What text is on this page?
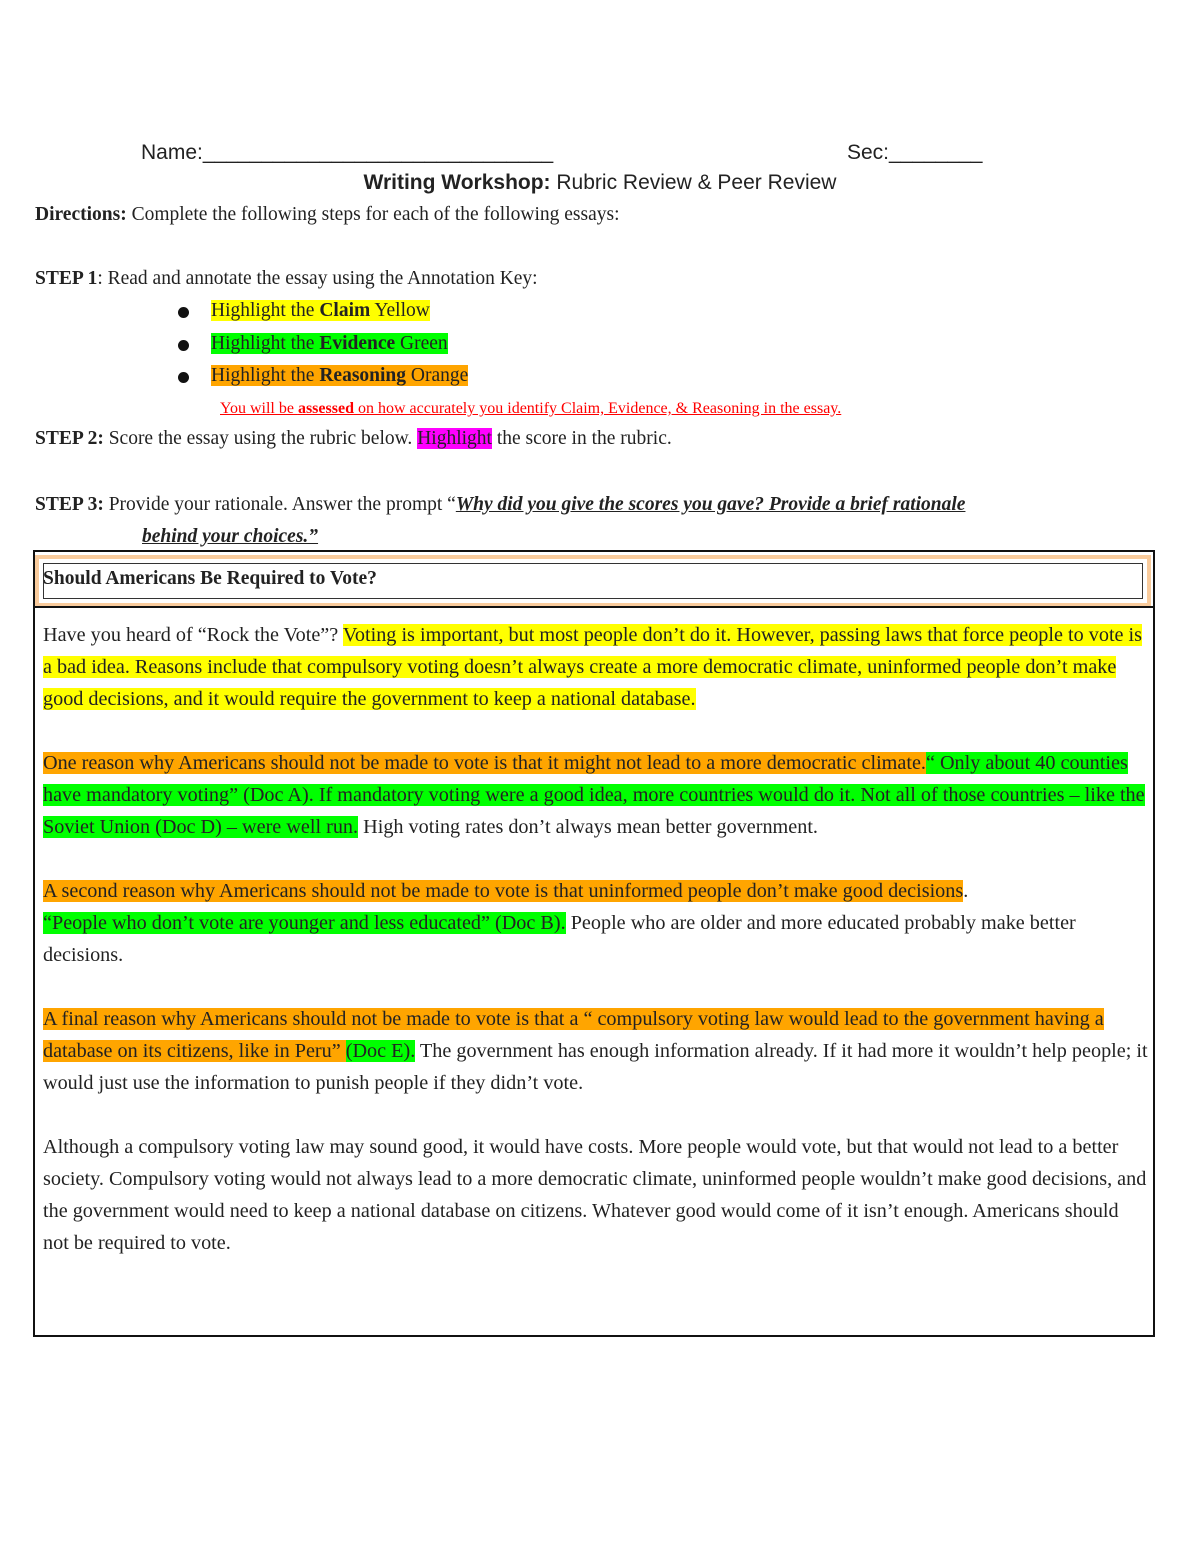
Name:______________________________	Sec:________
Writing Workshop: Rubric Review & Peer Review
Directions: Complete the following steps for each of the following essays:
STEP 1: Read and annotate the essay using the Annotation Key:
Highlight the Claim Yellow
Highlight the Evidence Green
Highlight the Reasoning Orange
You will be assessed on how accurately you identify Claim, Evidence, & Reasoning in the essay.
STEP 2: Score the essay using the rubric below. Highlight the score in the rubric.
STEP 3: Provide your rationale. Answer the prompt “Why did you give the scores you gave? Provide a brief rationale
behind your choices.”
Should Americans Be Required to Vote?

Have you heard of “Rock the Vote”? Voting is important, but most people don’t do it. However, passing laws that force people to vote is a bad idea. Reasons include that compulsory voting doesn’t always create a more democratic climate, uninformed people don’t make good decisions, and it would require the government to keep a national database.

One reason why Americans should not be made to vote is that it might not lead to a more democratic climate.“ Only about 40 counties have mandatory voting” (Doc A). If mandatory voting were a good idea, more countries would do it. Not all of those countries – like the Soviet Union (Doc D) – were well run. High voting rates don’t always mean better government.

A second reason why Americans should not be made to vote is that uninformed people don’t make good decisions.
“People who don’t vote are younger and less educated” (Doc B). People who are older and more educated probably make better decisions.

A final reason why Americans should not be made to vote is that a “ compulsory voting law would lead to the government having a database on its citizens, like in Peru” (Doc E). The government has enough information already. If it had more it wouldn’t help people; it would just use the information to punish people if they didn’t vote.

Although a compulsory voting law may sound good, it would have costs. More people would vote, but that would not lead to a better society. Compulsory voting would not always lead to a more democratic climate, uninformed people wouldn’t make good decisions, and the government would need to keep a national database on citizens. Whatever good would come of it isn’t enough. Americans should not be required to vote.
